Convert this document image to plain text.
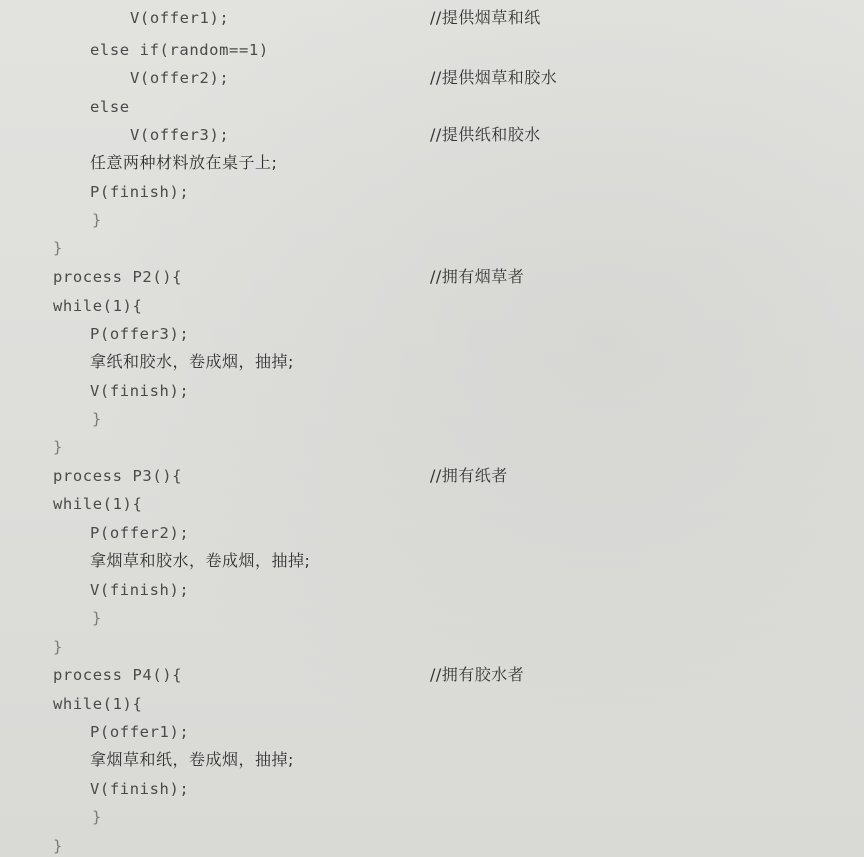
V(offer1);
else if(random==1)
V(offer2);
else
V(offer3);
任意两种材料放在桌子上;
P(finish);
}
}
process P2(){
while(1){
P(offer3);
拿纸和胶水，卷成烟，抽掉;
V(finish);
}
}
process P3(){
while(1){
P(offer2);
拿烟草和胶水，卷成烟，抽掉;
V(finish);
}
}
process P4(){
while(1){
P(offer1);
拿烟草和纸，卷成烟，抽掉;
V(finish);
}
}
//提供烟草和纸
//提供烟草和胶水
//提供纸和胶水
//拥有烟草者
//拥有纸者
//拥有胶水者
